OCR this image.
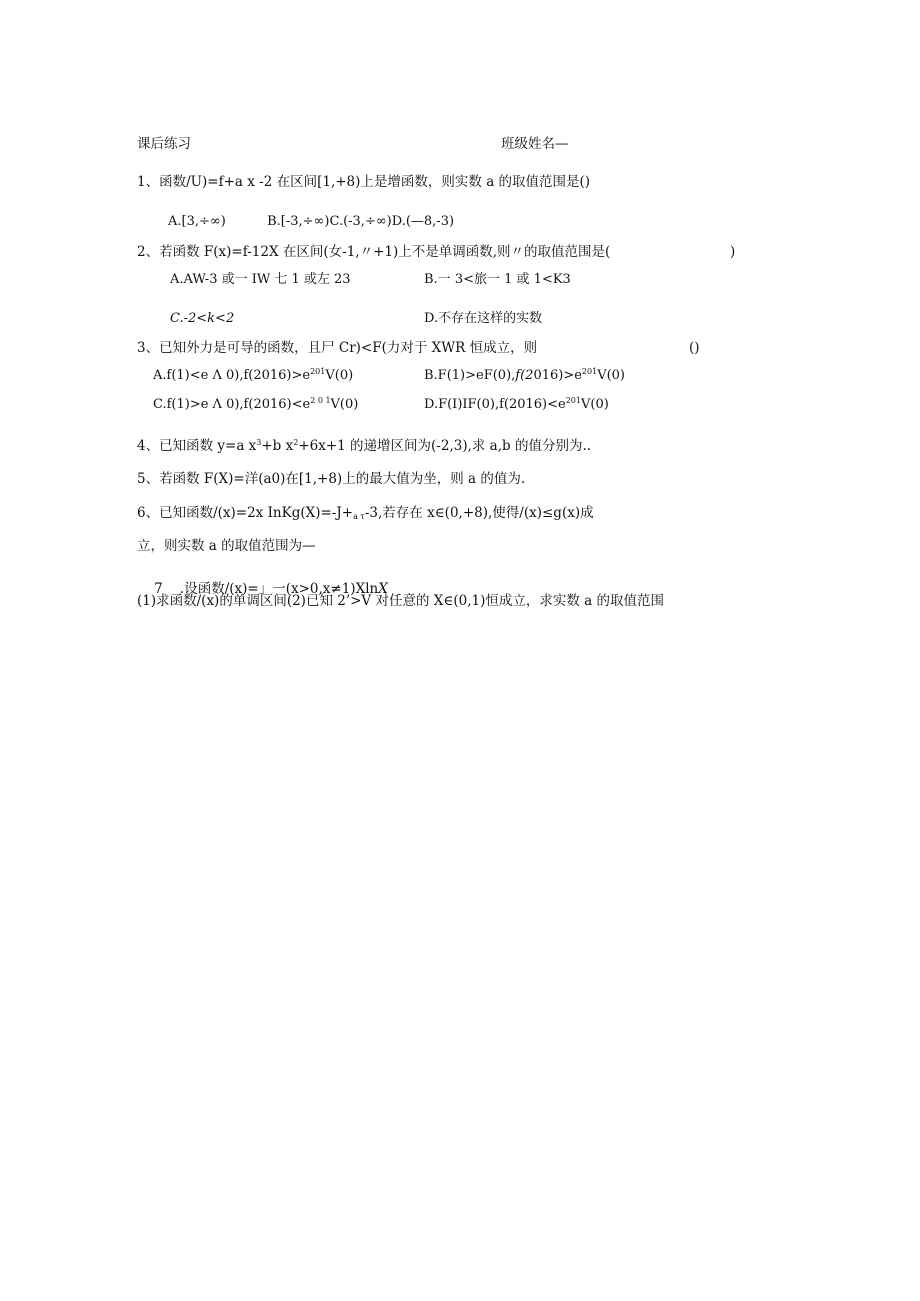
课后练习	班级姓名—
1、函数/U)=f+a x -2 在区间[1,+8)上是增函数，则实数 a 的取值范围是()
A.[3,÷∞)          B.[-3,÷∞)C.(-3,÷∞)D.(—8,-3)
2、若函数 F(x)=f-12X 在区间(女-1,〃+1)上不是单调函数,则〃的取值范围是(	)
A.AW-3 或一 IW 七 1 或左 23	B.一 3<旅一 1 或 1<K3
C.-2<k<2	D.不存在这样的实数
3、已知外力是可导的函数，且尸 Cr)<F(力对于 XWR 恒成立，则	()
A.f(1)<e Λ $0),f(2016)>e^{201}V(0)$	$B.F(1)>eF(0),f(2016)>e^{201}V(0)$
C.f(1)>e Λ $0),f(2016)<e^{2 0 1}V(0)$	$D.F(I)IF(0),f(2016)<e^{201}V(0)$
4、已知函数 y=a $x^3+b$ $x^2+6x+1$ 的递增区间为(-2,3),求 a,b 的值分别为..
5、若函数 F(X)=洋(a0)在[1,+8)上的最大值为坐，则 a 的值为.
6、已知函数/(x)=2x $InKg(X)=-J+_{a \tau}-3$,若存在 x∈(0,+8),使得/(x)≤g(x)成
立，则实数 a 的取值范围为—

7    .设函数/(x)=」一(x>0,x≠1)XlnX

(1)求函数/(x)的单调区间(2)已知 2’>V 对任意的 X∈(0,1)恒成立，求实数 a 的取值范围
